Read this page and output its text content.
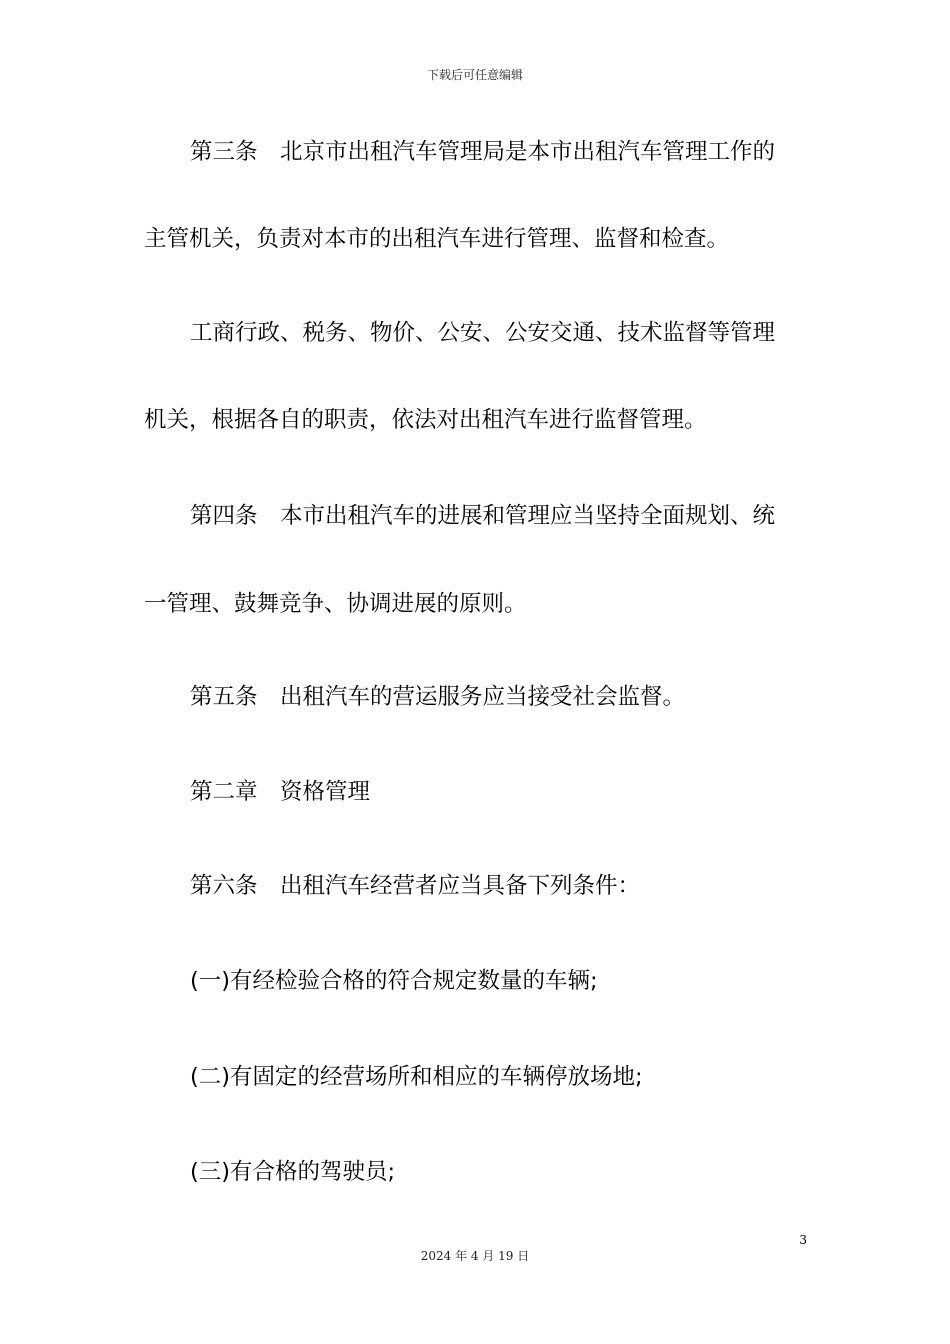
下载后可任意编辑
第三条　北京市出租汽车管理局是本市出租汽车管理工作的
主管机关，负责对本市的出租汽车进行管理、监督和检查。
工商行政、税务、物价、公安、公安交通、技术监督等管理
机关，根据各自的职责，依法对出租汽车进行监督管理。
第四条　本市出租汽车的进展和管理应当坚持全面规划、统
一管理、鼓舞竞争、协调进展的原则。
第五条　出租汽车的营运服务应当接受社会监督。
第二章　资格管理
第六条　出租汽车经营者应当具备下列条件：
(一)有经检验合格的符合规定数量的车辆;
(二)有固定的经营场所和相应的车辆停放场地;
(三)有合格的驾驶员;
3
2024 年 4 月 19 日
